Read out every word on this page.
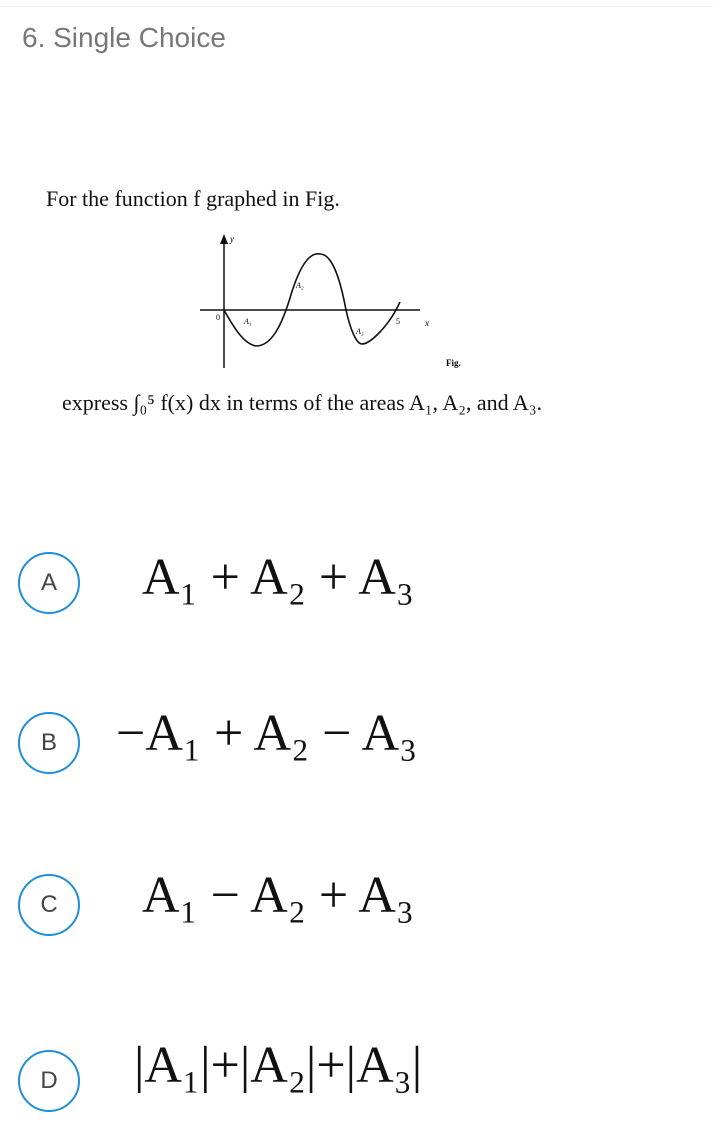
6. Single Choice
For the function f graphed in Fig.
y
x
0	5
A₁
A₂
A₃
Fig.
express ∫₀⁵ f(x) dx in terms of the areas A₁, A₂, and A₃.
A A₁ + A₂ + A₃
B −A₁ + A₂ − A₃
C A₁ − A₂ + A₃
D |A₁|+|A₂|+|A₃|
